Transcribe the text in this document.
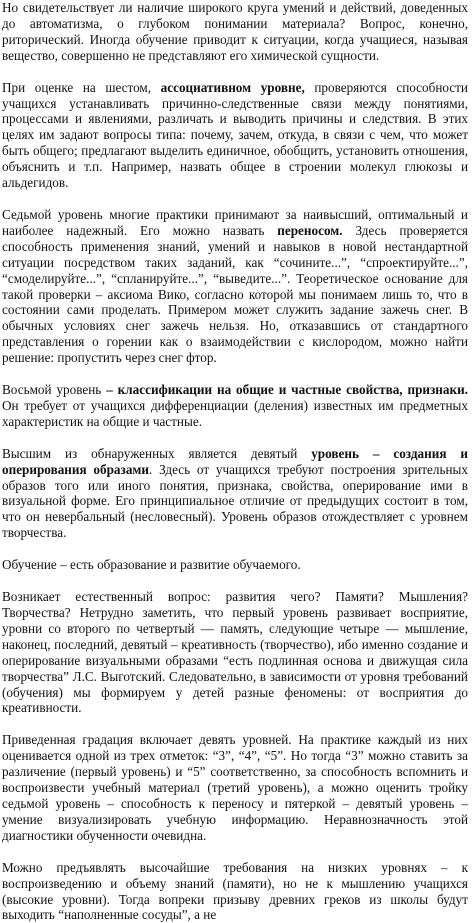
Но свидетельствует ли наличие широкого круга умений и действий, доведенных до автоматизма, о глубоком понимании материала? Вопрос, конечно, риторический. Иногда обучение приводит к ситуации, когда учащиеся, называя вещество, совершенно не представляют его химической сущности.

При оценке на шестом, ассоциативном уровне, проверяются способности учащихся устанавливать причинно-следственные связи между понятиями, процессами и явлениями, различать и выводить причины и следствия. В этих целях им задают вопросы типа: почему, зачем, откуда, в связи с чем, что может быть общего; предлагают выделить единичное, обобщить, установить отношения, объяснить и т.п. Например, назвать общее в строении молекул глюкозы и альдегидов.

Седьмой уровень многие практики принимают за наивысший, оптимальный и наиболее надежный. Его можно назвать переносом. Здесь проверяется способность применения знаний, умений и навыков в новой нестандартной ситуации посредством таких заданий, как “сочините...”, “спроектируйте...”, “смоделируйте...”, “спланируйте...”, “выведите...”. Теоретическое основание для такой проверки – аксиома Вико, согласно которой мы понимаем лишь то, что в состоянии сами проделать. Примером может служить задание зажечь снег. В обычных условиях снег зажечь нельзя. Но, отказавшись от стандартного представления о горении как о взаимодействии с кислородом, можно найти решение: пропустить через снег фтор.

Восьмой уровень – классификации на общие и частные свойства, признаки. Он требует от учащихся дифференциации (деления) известных им предметных характеристик на общие и частные.

Высшим из обнаруженных является девятый уровень – создания и оперирования образами. Здесь от учащихся требуют построения зрительных образов того или иного понятия, признака, свойства, оперирование ими в визуальной форме. Его принципиальное отличие от предыдущих состоит в том, что он невербальный (несловесный). Уровень образов отождествляет с уровнем творчества.

Обучение – есть образование и развитие обучаемого.

Возникает естественный вопрос: развития чего? Памяти? Мышления? Творчества? Нетрудно заметить, что первый уровень развивает восприятие, уровни со второго по четвертый — память, следующие четыре — мышление, наконец, последний, девятый – креативность (творчество), ибо именно создание и оперирование визуальными образами “есть подлинная основа и движущая сила творчества” Л.С. Выготский. Следовательно, в зависимости от уровня требований (обучения) мы формируем у детей разные феномены: от восприятия до креативности.

Приведенная градация включает девять уровней. На практике каждый из них оценивается одной из трех отметок: “3”, “4”, “5”. Но тогда “3” можно ставить за различение (первый уровень) и “5” соответственно, за способность вспомнить и воспроизвести учебный материал (третий уровень), а можно оценить тройку седьмой уровень – способность к переносу и пятеркой – девятый уровень – умение визуализировать учебную информацию. Неравнозначность этой диагностики обученности очевидна.

Можно предъявлять высочайшие требования на низких уровнях – к воспроизведению и объему знаний (памяти), но не к мышлению учащихся (высокие уровни). Тогда вопреки призыву древних греков из школы будут выходить “наполненные сосуды”, а не
